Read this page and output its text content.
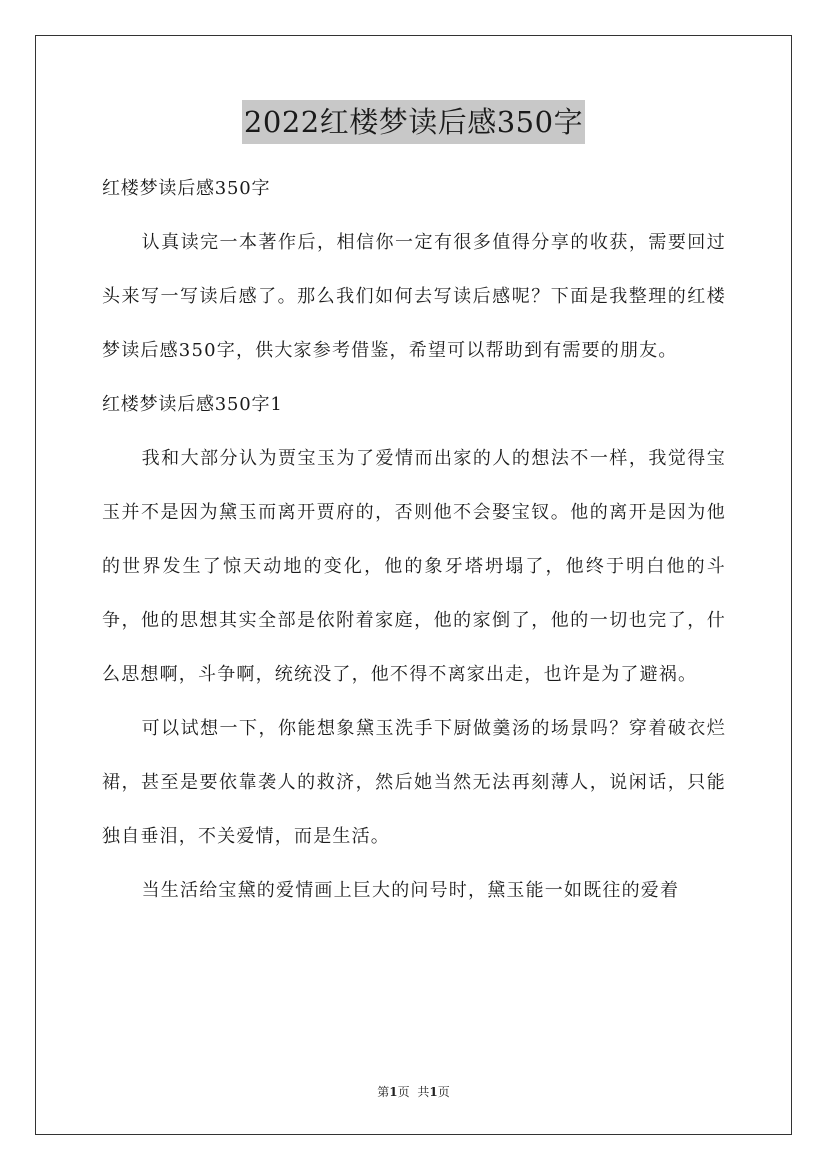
2022红楼梦读后感350字

红楼梦读后感350字

认真读完一本著作后，相信你一定有很多值得分享的收获，需要回过头来写一写读后感了。那么我们如何去写读后感呢？下面是我整理的红楼梦读后感350字，供大家参考借鉴，希望可以帮助到有需要的朋友。

红楼梦读后感350字1

我和大部分认为贾宝玉为了爱情而出家的人的想法不一样，我觉得宝玉并不是因为黛玉而离开贾府的，否则他不会娶宝钗。他的离开是因为他的世界发生了惊天动地的变化，他的象牙塔坍塌了，他终于明白他的斗争，他的思想其实全部是依附着家庭，他的家倒了，他的一切也完了，什么思想啊，斗争啊，统统没了，他不得不离家出走，也许是为了避祸。

可以试想一下，你能想象黛玉洗手下厨做羹汤的场景吗？穿着破衣烂裙，甚至是要依靠袭人的救济，然后她当然无法再刻薄人，说闲话，只能独自垂泪，不关爱情，而是生活。

当生活给宝黛的爱情画上巨大的问号时，黛玉能一如既往的爱着

第1页 共1页
